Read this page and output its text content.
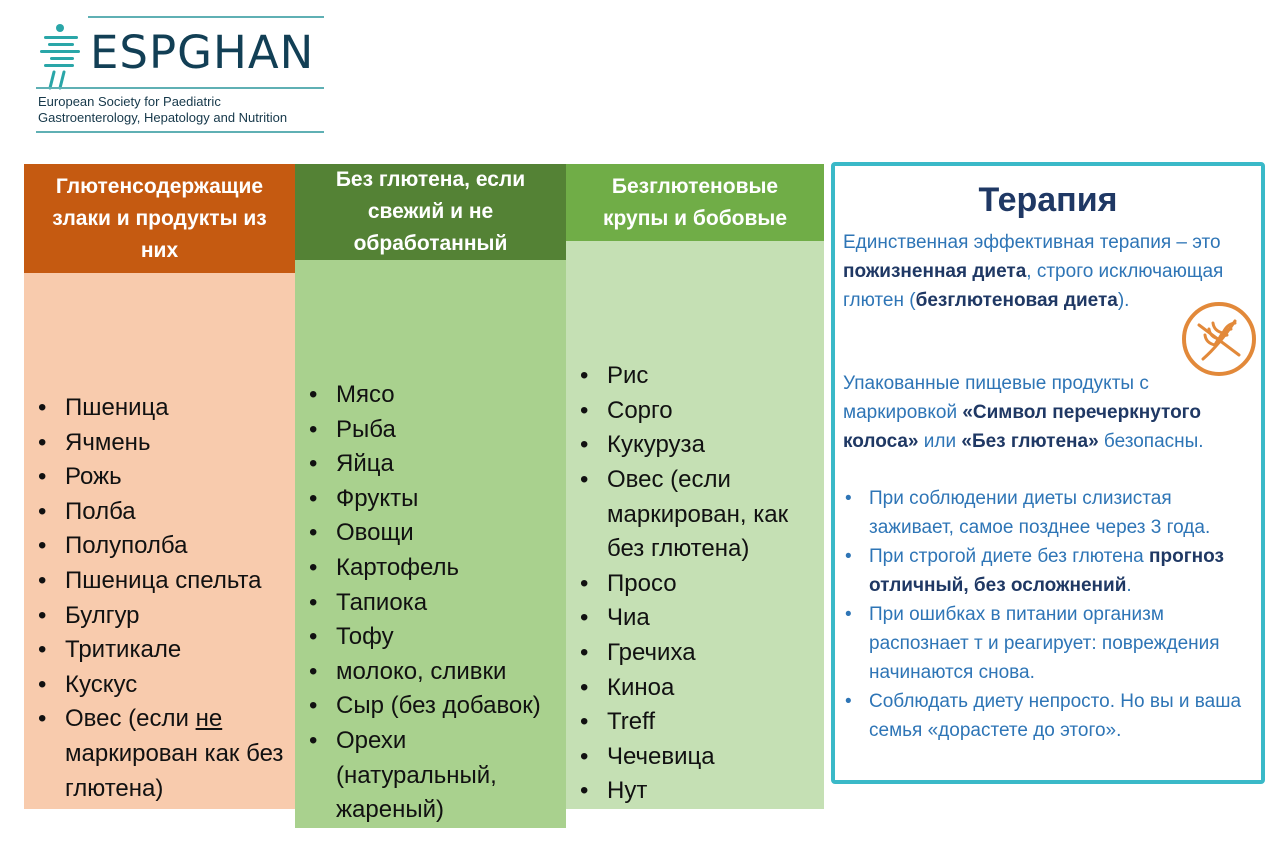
ESPGHAN
European Society for Paediatric
Gastroenterology, Hepatology and Nutrition
Глютенсодержащие злаки и продукты из них
• Пшеница
• Ячмень
• Рожь
• Полба
• Полуполба
• Пшеница спельта
• Булгур
• Тритикале
• Кускус
• Овес (если не маркирован как без глютена)
Без глютена, если свежий и не обработанный
• Мясо
• Рыба
• Яйца
• Фрукты
• Овощи
• Картофель
• Тапиока
• Тофу
• молоко, сливки
• Сыр (без добавок)
• Орехи (натуральный, жареный)
Безглютеновые крупы и бобовые
• Рис
• Сорго
• Кукуруза
• Овес (если маркирован, как без глютена)
• Просо
• Чиа
• Гречиха
• Киноа
• Treff
• Чечевица
• Нут
Терапия
Единственная эффективная терапия – это пожизненная диета, строго исключающая глютен (безглютеновая диета).
Упакованные пищевые продукты с маркировкой «Символ перечеркнутого колоса» или «Без глютена» безопасны.
• При соблюдении диеты слизистая заживает, самое позднее через 3 года.
• При строгой диете без глютена прогноз отличный, без осложнений.
• При ошибках в питании организм распознает т и реагирует: повреждения начинаются снова.
• Соблюдать диету непросто. Но вы и ваша семья «дорастете до этого».
